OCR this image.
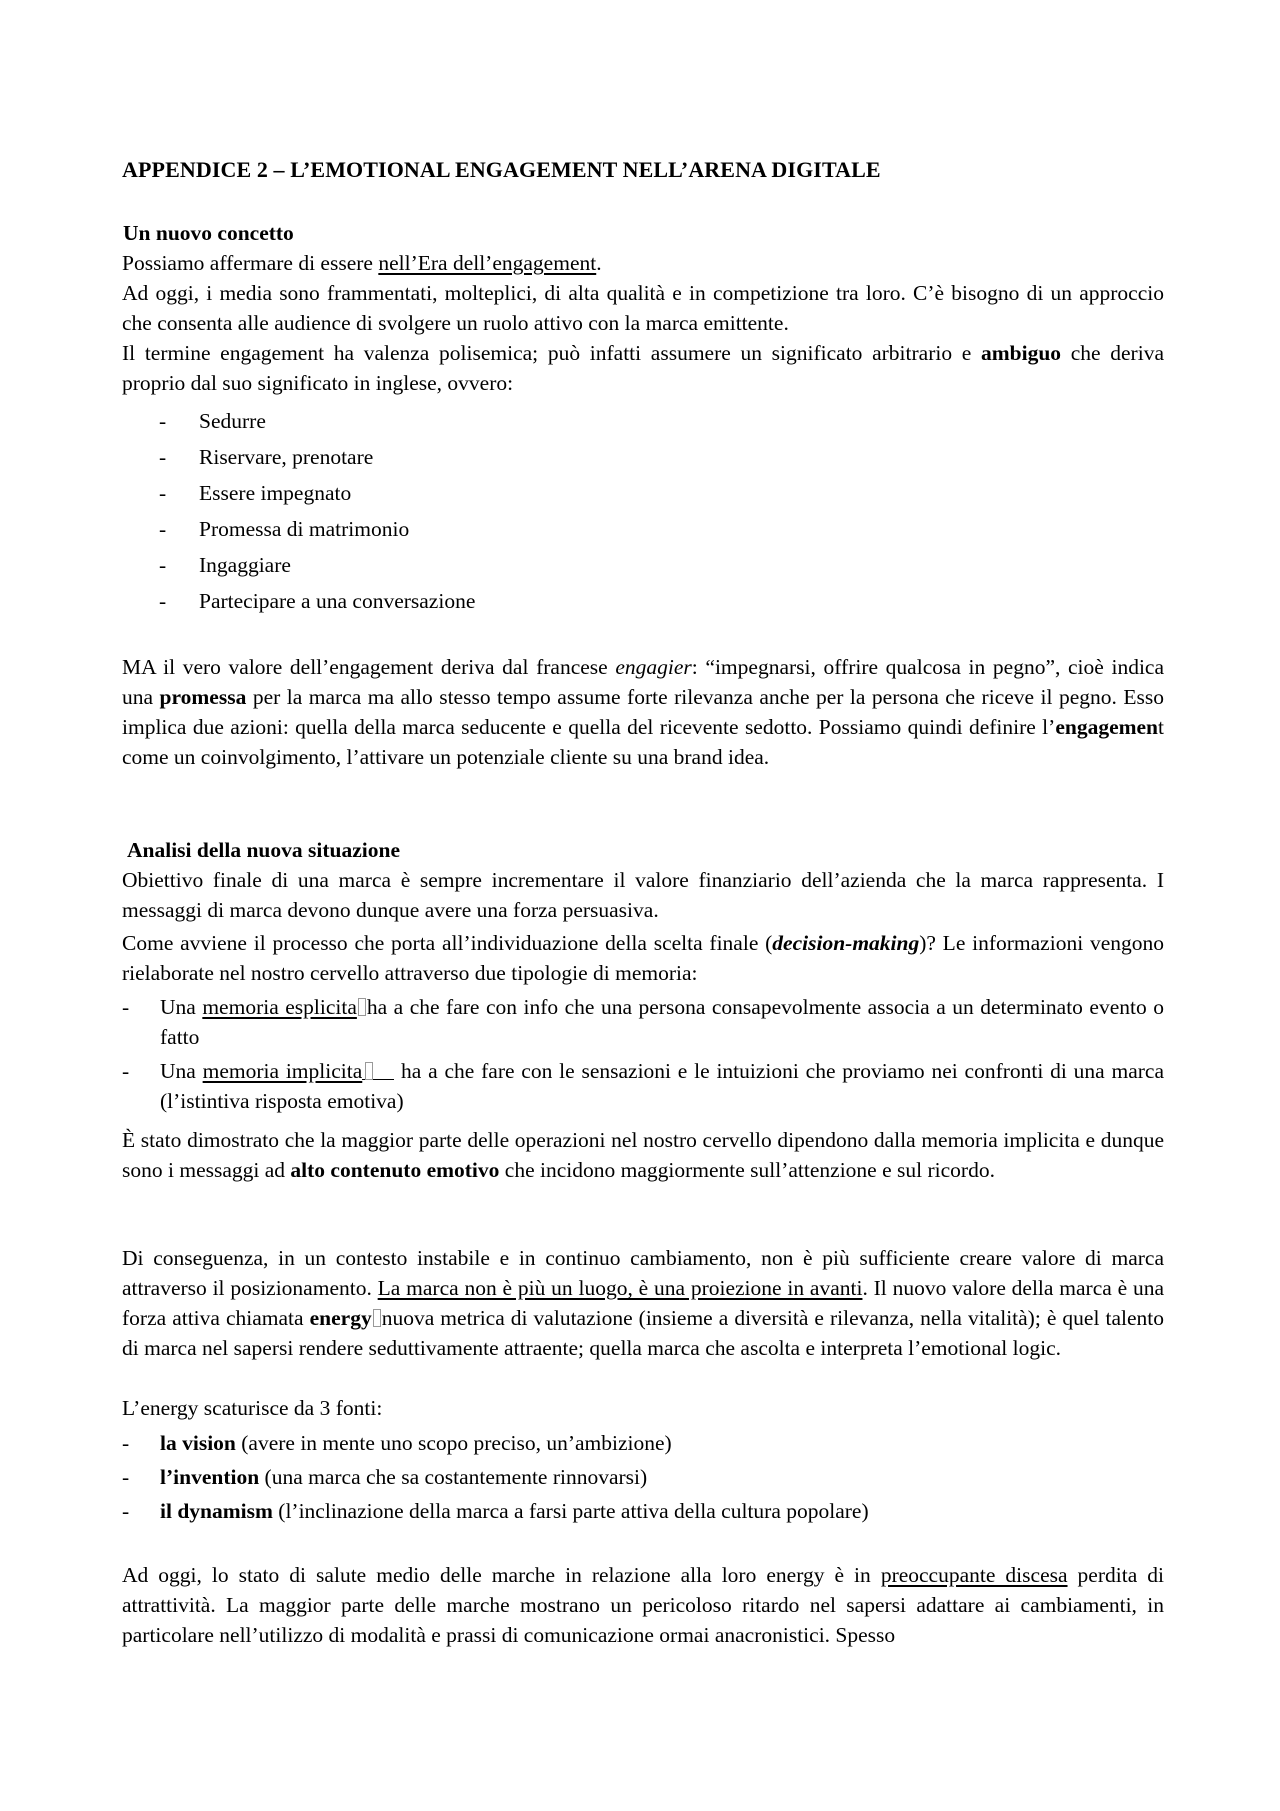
APPENDICE 2 – L’EMOTIONAL ENGAGEMENT NELL’ARENA DIGITALE
Un nuovo concetto

Possiamo affermare di essere nell’Era dell’engagement.

Ad oggi, i media sono frammentati, molteplici, di alta qualità e in competizione tra loro. C’è bisogno di un approccio che consenta alle audience di svolgere un ruolo attivo con la marca emittente.

Il termine engagement ha valenza polisemica; può infatti assumere un significato arbitrario e ambiguo che deriva proprio dal suo significato in inglese, ovvero:

- Sedurre
- Riservare, prenotare
- Essere impegnato
- Promessa di matrimonio
- Ingaggiare
- Partecipare a una conversazione

MA il vero valore dell’engagement deriva dal francese engagier: “impegnarsi, offrire qualcosa in pegno”, cioè indica una promessa per la marca ma allo stesso tempo assume forte rilevanza anche per la persona che riceve il pegno. Esso implica due azioni: quella della marca seducente e quella del ricevente sedotto. Possiamo quindi definire l’engagement come un coinvolgimento, l’attivare un potenziale cliente su una brand idea.

Analisi della nuova situazione

Obiettivo finale di una marca è sempre incrementare il valore finanziario dell’azienda che la marca rappresenta. I messaggi di marca devono dunque avere una forza persuasiva.

Come avviene il processo che porta all’individuazione della scelta finale (decision-making)? Le informazioni vengono rielaborate nel nostro cervello attraverso due tipologie di memoria:

- Una memoria esplicita ha a che fare con info che una persona consapevolmente associa a un determinato evento o fatto
- Una memoria implicita
ha a che fare con le sensazioni e le intuizioni che proviamo nei confronti di una marca (l’istintiva risposta emotiva)

È stato dimostrato che la maggior parte delle operazioni nel nostro cervello dipendono dalla memoria implicita e dunque sono i messaggi ad alto contenuto emotivo che incidono maggiormente sull’attenzione e sul ricordo.

Di conseguenza, in un contesto instabile e in continuo cambiamento, non è più sufficiente creare valore di marca attraverso il posizionamento. La marca non è più un luogo, è una proiezione in avanti. Il nuovo valore della marca è una forza attiva chiamata energy nuova metrica di valutazione (insieme a diversità e rilevanza, nella vitalità); è quel talento di marca nel sapersi rendere seduttivamente attraente; quella marca che ascolta e interpreta l’emotional logic.

L’energy scaturisce da 3 fonti:

- la vision (avere in mente uno scopo preciso, un’ambizione)
- l’invention (una marca che sa costantemente rinnovarsi)
- il dynamism (l’inclinazione della marca a farsi parte attiva della cultura popolare)

Ad oggi, lo stato di salute medio delle marche in relazione alla loro energy è in preoccupante discesa perdita di attrattività. La maggior parte delle marche mostrano un pericoloso ritardo nel sapersi adattare ai cambiamenti, in particolare nell’utilizzo di modalità e prassi di comunicazione ormai anacronistici. Spesso
